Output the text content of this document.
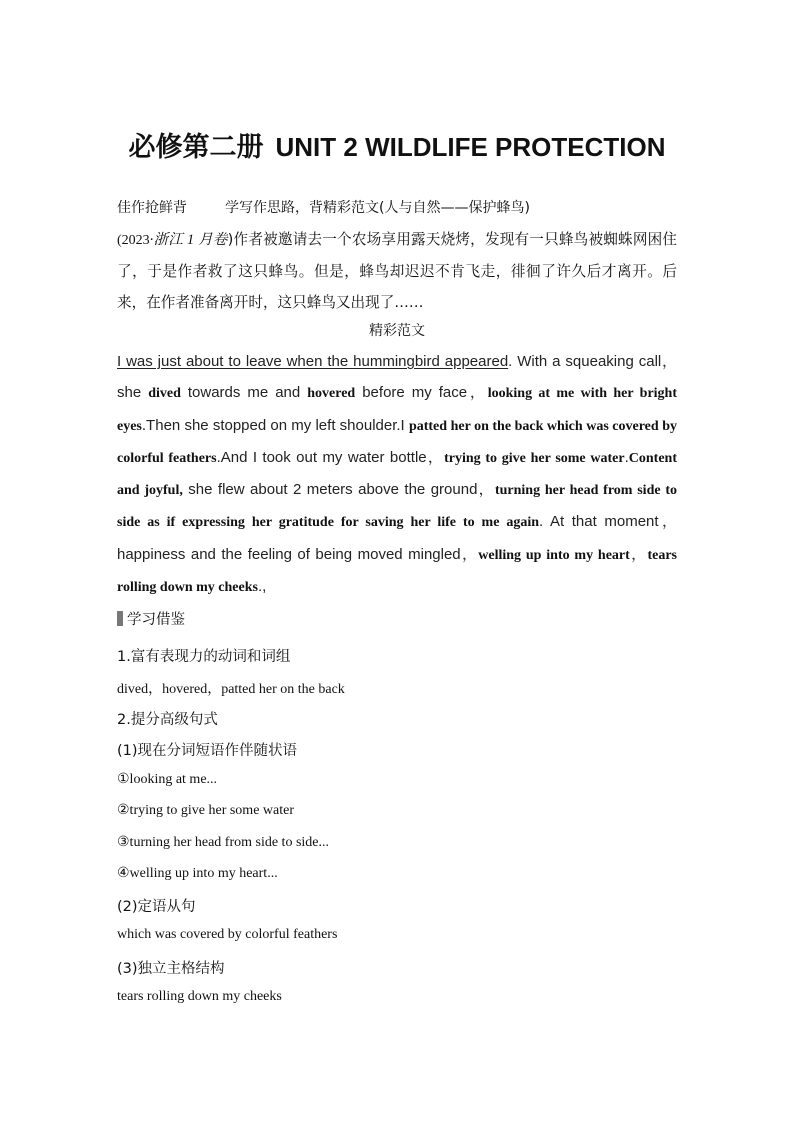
必修第二册 UNIT 2 WILDLIFE PROTECTION
佳作抢鲜背	学写作思路，背精彩范文(人与自然——保护蜂鸟)
(2023·浙江 1 月卷)作者被邀请去一个农场享用露天烧烤，发现有一只蜂鸟被蜘蛛网困住了，于是作者救了这只蜂鸟。但是，蜂鸟却迟迟不肯飞走，徘徊了许久后才离开。后来，在作者准备离开时，这只蜂鸟又出现了……
精彩范文
I was just about to leave when the hummingbird appeared. With a squeaking call，she dived towards me and hovered before my face，looking at me with her bright eyes.Then she stopped on my left shoulder.I patted her on the back which was covered by colorful feathers.And I took out my water bottle，trying to give her some water.Content and joyful, she flew about 2 meters above the ground，turning her head from side to side as if expressing her gratitude for saving her life to me again. At that moment，happiness and the feeling of being moved mingled，welling up into my heart，tears rolling down my cheeks.,
学习借鉴
1.富有表现力的动词和词组
dived，hovered，patted her on the back
2.提分高级句式
(1)现在分词短语作伴随状语
①looking at me...
②trying to give her some water
③turning her head from side to side...
④welling up into my heart...
(2)定语从句
which was covered by colorful feathers
(3)独立主格结构
tears rolling down my cheeks
